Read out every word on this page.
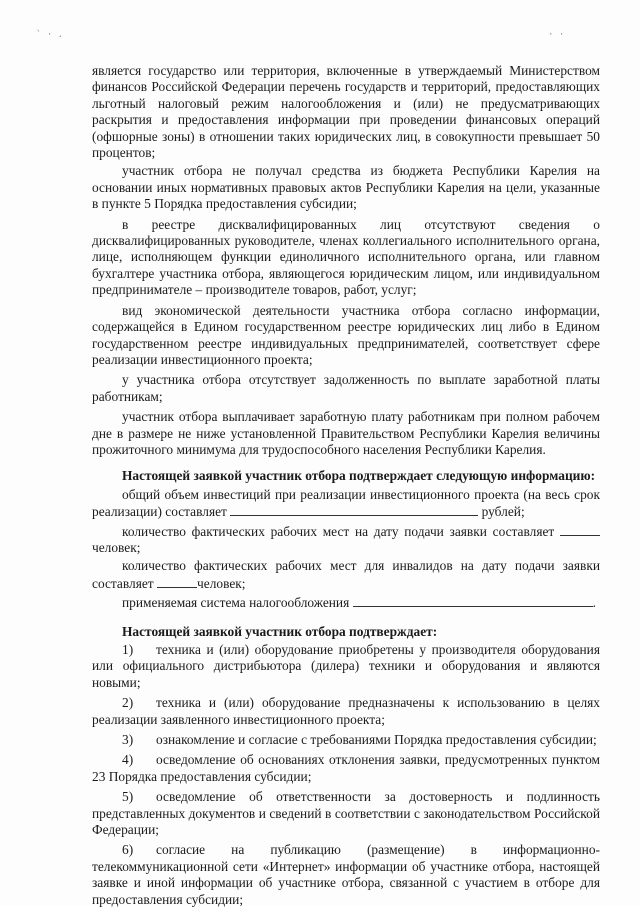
` · .	· ·

является государство или территория, включенные в утверждаемый Министерством финансов Российской Федерации перечень государств и территорий, предоставляющих льготный налоговый режим налогообложения и (или) не предусматривающих раскрытия и предоставления информации при проведении финансовых операций (офшорные зоны) в отношении таких юридических лиц, в совокупности превышает 50 процентов;

участник отбора не получал средства из бюджета Республики Карелия на основании иных нормативных правовых актов Республики Карелия на цели, указанные в пункте 5 Порядка предоставления субсидии;

в реестре дисквалифицированных лиц отсутствуют сведения о дисквалифицированных руководителе, членах коллегиального исполнительного органа, лице, исполняющем функции единоличного исполнительного органа, или главном бухгалтере участника отбора, являющегося юридическим лицом, или индивидуальном предпринимателе – производителе товаров, работ, услуг;

вид экономической деятельности участника отбора согласно информации, содержащейся в Едином государственном реестре юридических лиц либо в Едином государственном реестре индивидуальных предпринимателей, соответствует сфере реализации инвестиционного проекта;

у участника отбора отсутствует задолженность по выплате заработной платы работникам;

участник отбора выплачивает заработную плату работникам при полном рабочем дне в размере не ниже установленной Правительством Республики Карелия величины прожиточного минимума для трудоспособного населения Республики Карелия.

Настоящей заявкой участник отбора подтверждает следующую информацию:

общий объем инвестиций при реализации инвестиционного проекта (на весь срок реализации) составляет	рублей;

количество фактических рабочих мест на дату подачи заявки составляет человек;

количество фактических рабочих мест для инвалидов на дату подачи заявки составляет	человек;

применяемая система налогообложения	.

Настоящей заявкой участник отбора подтверждает:

1) техника и (или) оборудование приобретены у производителя оборудования или официального дистрибьютора (дилера) техники и оборудования и являются новыми;

2) техника и (или) оборудование предназначены к использованию в целях реализации заявленного инвестиционного проекта;

3) ознакомление и согласие с требованиями Порядка предоставления субсидии;

4) осведомление об основаниях отклонения заявки, предусмотренных пунктом 23 Порядка предоставления субсидии;

5) осведомление об ответственности за достоверность и подлинность представленных документов и сведений в соответствии с законодательством Российской Федерации;

6) согласие на публикацию (размещение) в информационно-телекоммуникационной сети «Интернет» информации об участнике отбора, настоящей заявке и иной информации об участнике отбора, связанной с участием в отборе для предоставления субсидии;
